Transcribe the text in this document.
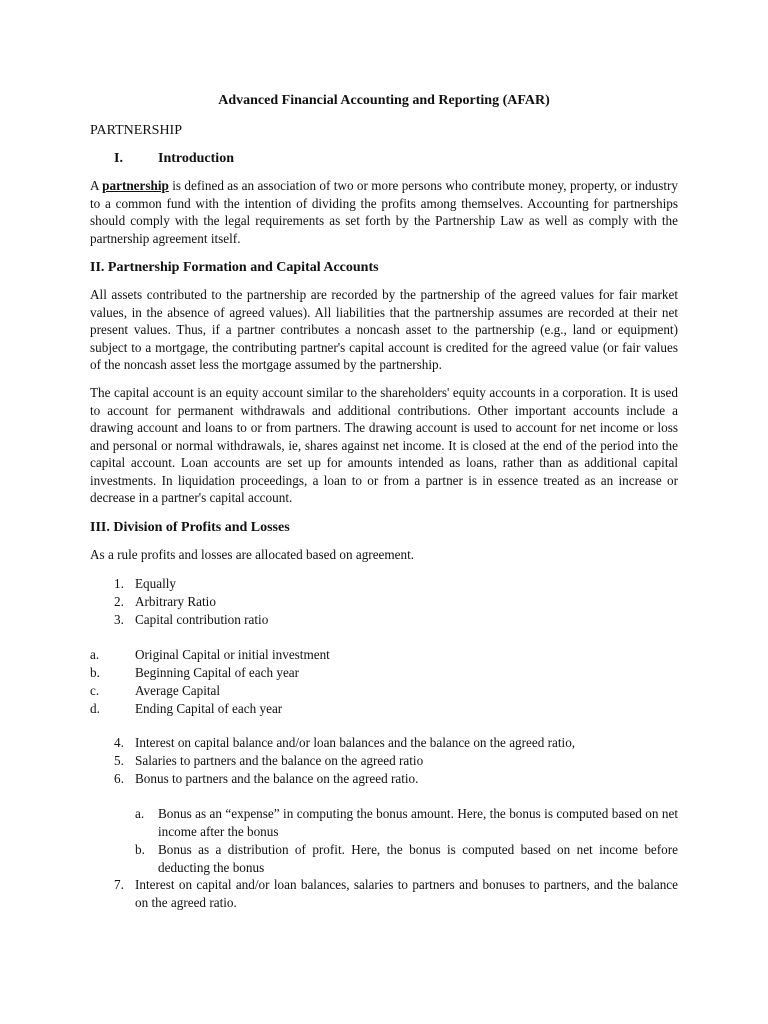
Advanced Financial Accounting and Reporting (AFAR)
PARTNERSHIP
I.	Introduction

A partnership is defined as an association of two or more persons who contribute money, property, or industry to a common fund with the intention of dividing the profits among themselves. Accounting for partnerships should comply with the legal requirements as set forth by the Partnership Law as well as comply with the partnership agreement itself.

II. Partnership Formation and Capital Accounts

All assets contributed to the partnership are recorded by the partnership of the agreed values for fair market values, in the absence of agreed values). All liabilities that the partnership assumes are recorded at their net present values. Thus, if a partner contributes a noncash asset to the partnership (e.g., land or equipment) subject to a mortgage, the contributing partner's capital account is credited for the agreed value (or fair values of the noncash asset less the mortgage assumed by the partnership.

The capital account is an equity account similar to the shareholders' equity accounts in a corporation. It is used to account for permanent withdrawals and additional contributions. Other important accounts include a drawing account and loans to or from partners. The drawing account is used to account for net income or loss and personal or normal withdrawals, ie, shares against net income. It is closed at the end of the period into the capital account. Loan accounts are set up for amounts intended as loans, rather than as additional capital investments. In liquidation proceedings, a loan to or from a partner is in essence treated as an increase or decrease in a partner's capital account.

III. Division of Profits and Losses

As a rule profits and losses are allocated based on agreement.

1. Equally
2. Arbitrary Ratio
3. Capital contribution ratio
a.	Original Capital or initial investment
b.	Beginning Capital of each year
c.	Average Capital
d.	Ending Capital of each year
4. Interest on capital balance and/or loan balances and the balance on the agreed ratio,
5. Salaries to partners and the balance on the agreed ratio
6. Bonus to partners and the balance on the agreed ratio.
a. Bonus as an “expense” in computing the bonus amount. Here, the bonus is computed based on net income after the bonus
b. Bonus as a distribution of profit. Here, the bonus is computed based on net income before deducting the bonus
7. Interest on capital and/or loan balances, salaries to partners and bonuses to partners, and the balance on the agreed ratio.
